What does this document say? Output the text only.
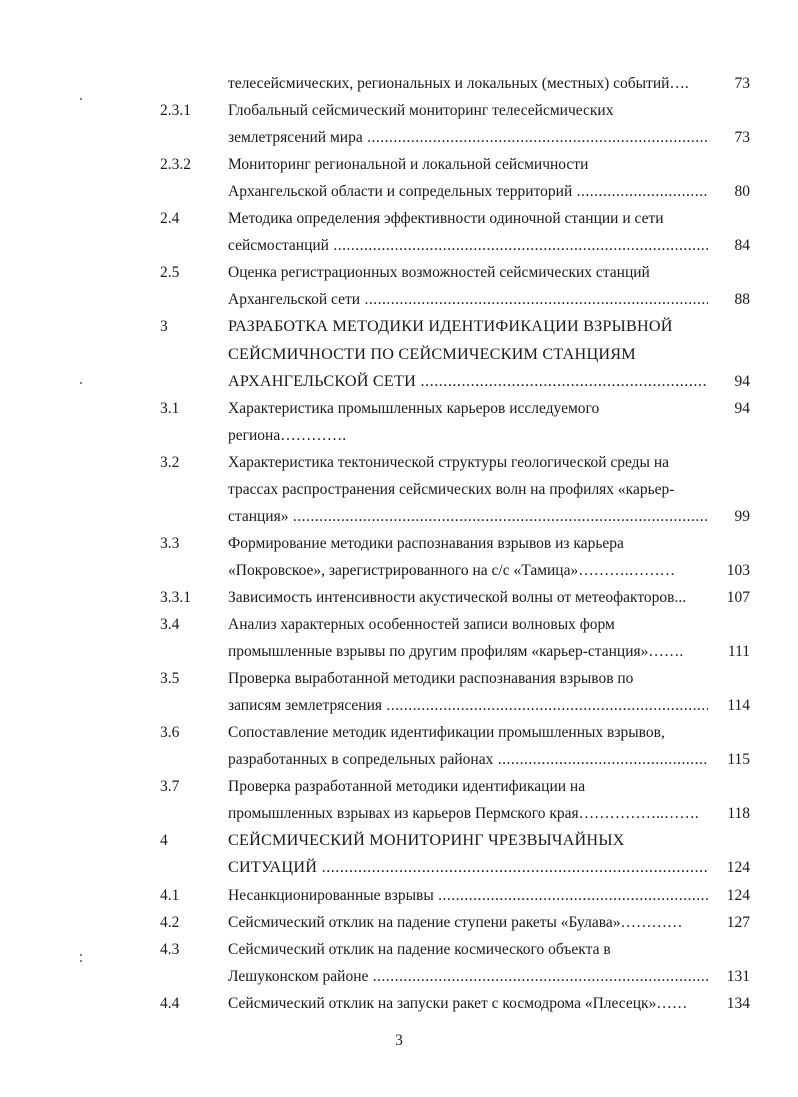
телесейсмических, региональных и локальных (местных) событий….	73
2.3.1	Глобальный сейсмический мониторинг телесейсмических
землетрясений мира .....	73
2.3.2	Мониторинг региональной и локальной сейсмичности
Архангельской области и сопредельных территорий .....	80
2.4	Методика определения эффективности одиночной станции и сети
сейсмостанций .....	84
2.5	Оценка регистрационных возможностей сейсмических станций
Архангельской сети .....	88
3	РАЗРАБОТКА МЕТОДИКИ ИДЕНТИФИКАЦИИ ВЗРЫВНОЙ
СЕЙСМИЧНОСТИ ПО СЕЙСМИЧЕСКИМ СТАНЦИЯМ
АРХАНГЕЛЬСКОЙ СЕТИ .....	94
3.1	Характеристика промышленных карьеров исследуемого	94
региона………….
3.2	Характеристика тектонической структуры геологической среды на
трассах распространения сейсмических волн на профилях «карьер-
станция» .....	99
3.3	Формирование методики распознавания взрывов из карьера
«Покровское», зарегистрированного на с/с «Тамица»……….………	103
3.3.1	Зависимость интенсивности акустической волны от метеофакторов...	107
3.4	Анализ характерных особенностей записи волновых форм
промышленные взрывы по другим профилям «карьер-станция»…….	111
3.5	Проверка выработанной методики распознавания взрывов по
записям землетрясения .....	114
3.6	Сопоставление методик идентификации промышленных взрывов,
разработанных в сопредельных районах .....	115
3.7	Проверка разработанной методики идентификации на
промышленных взрывах из карьеров Пермского края……………..…….	118
4	СЕЙСМИЧЕСКИЙ МОНИТОРИНГ ЧРЕЗВЫЧАЙНЫХ
СИТУАЦИЙ .....	124
4.1	Несанкционированные взрывы .....	124
4.2	Сейсмический отклик на падение ступени ракеты «Булава»…………	127
4.3	Сейсмический отклик на падение космического объекта в
Лешуконском районе .....	131
4.4	Сейсмический отклик на запуски ракет с космодрома «Плесецк»……	134
3
